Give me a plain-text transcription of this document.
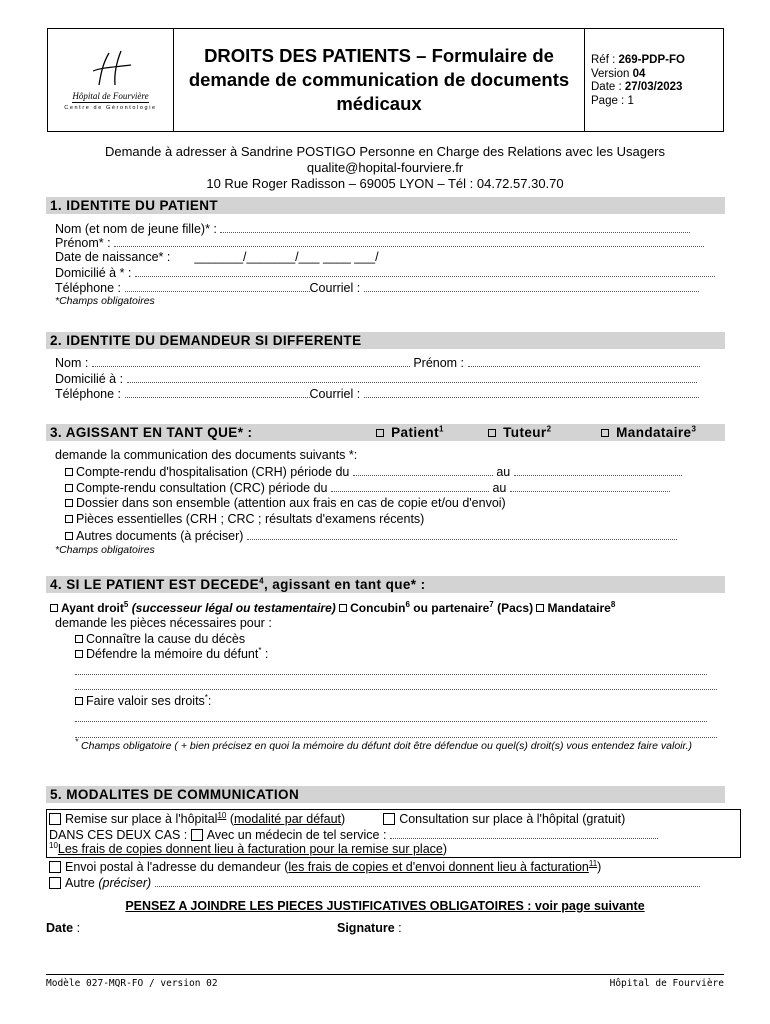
Hôpital de Fourvière
Centre de Gérontologie
DROITS DES PATIENTS – Formulaire de demande de communication de documents médicaux
Réf : 269-PDP-FO
Version 04
Date : 27/03/2023
Page : 1
Demande à adresser à Sandrine POSTIGO Personne en Charge des Relations avec les Usagers
qualite@hopital-fourviere.fr
10 Rue Roger Radisson – 69005 LYON – Tél : 04.72.57.30.70
1. IDENTITE DU PATIENT
Nom (et nom de jeune fille)* :
Prénom* :
Date de naissance* : _______/_______/___ ____ ___/
Domicilié à * :
Téléphone :	Courriel :
*Champs obligatoires
2. IDENTITE DU DEMANDEUR SI DIFFERENTE
Nom :	Prénom :
Domicilié à :
Téléphone :	Courriel :
3. AGISSANT EN TANT QUE* :	Patient$^1$	Tuteur$^2$	Mandataire$^3$
demande la communication des documents suivants *:
Compte-rendu d'hospitalisation (CRH) période du	au
Compte-rendu consultation (CRC) période du	au
Dossier dans son ensemble (attention aux frais en cas de copie et/ou d'envoi)
Pièces essentielles (CRH ; CRC ; résultats d'examens récents)
Autres documents (à préciser)
*Champs obligatoires
4. SI LE PATIENT EST DECEDE$^4$, agissant en tant que* :
Ayant droit$^5$ (successeur légal ou testamentaire) Concubin$^6$ ou partenaire$^7$ (Pacs) Mandataire$^8$
demande les pièces nécessaires pour :
Connaître la cause du décès
Défendre la mémoire du défunt* :
Faire valoir ses droits*:
* Champs obligatoire ( + bien précisez en quoi la mémoire du défunt doit être défendue ou quel(s) droit(s) vous entendez faire valoir.)
5. MODALITES DE COMMUNICATION
Remise sur place à l'hôpital$^{10}$ (modalité par défaut)	Consultation sur place à l'hôpital (gratuit)
DANS CES DEUX CAS : Avec un médecin de tel service :
$^{10}$Les frais de copies donnent lieu à facturation pour la remise sur place)
Envoi postal à l'adresse du demandeur (les frais de copies et d'envoi donnent lieu à facturation$^{11}$)
Autre (préciser)
PENSEZ A JOINDRE LES PIECES JUSTIFICATIVES OBLIGATOIRES : voir page suivante
Date :	Signature :
Modèle 027-MQR-FO / version 02	Hôpital de Fourvière
